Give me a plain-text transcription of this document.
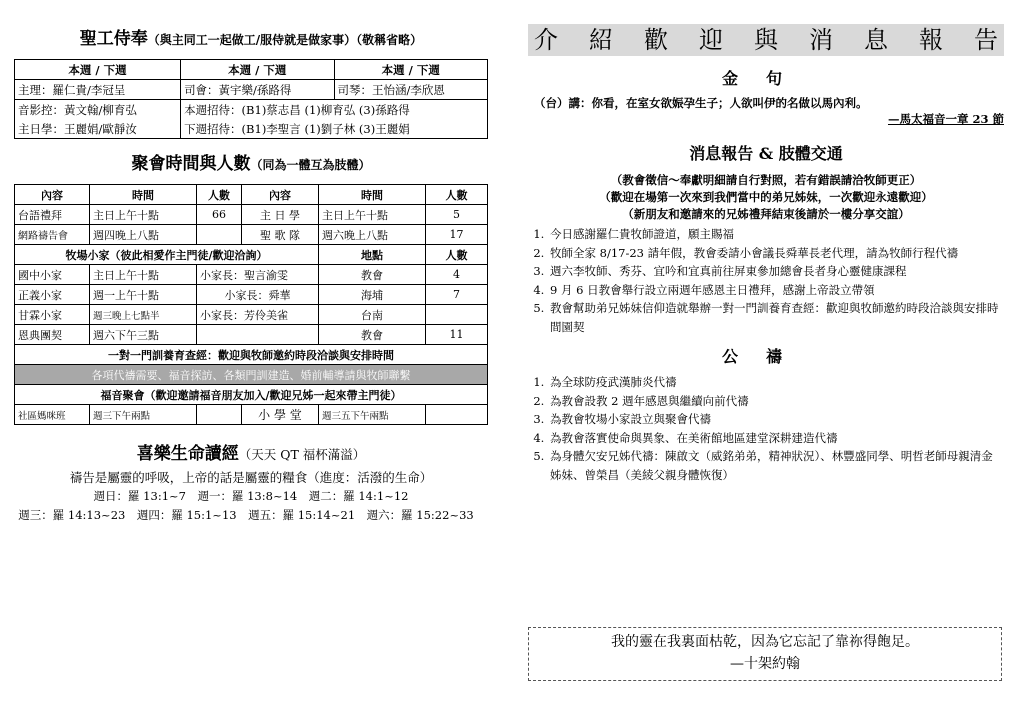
聖工侍奉（與主同工一起做工/服侍就是做家事）（敬稱省略）
本週 / 下週	本週 / 下週	本週 / 下週
主理：羅仁貴/李冠呈	司會：黃宇樂/孫路得	司琴：王怡涵/李欣恩
音影控：黃文翰/柳育弘	本週招待：(B1)蔡志昌 (1)柳育弘 (3)孫路得	
主日學：王麗娟/歐靜汝	下週招待：(B1)李聖言 (1)劉子林 (3)王麗娟	
聚會時間與人數（同為一體互為肢體）
內容	時間	人數	內容	時間	人數
台語禮拜	主日上午十點	66	主 日 學	主日上午十點	5
網路禱告會	週四晚上八點		聖 歌 隊	週六晚上八點	17
牧場小家（彼此相愛作主門徒/歡迎洽詢）				地點	人數
國中小家	主日上午十點	小家長：聖言渝雯		教會	4
正義小家	週一上午十點	小家長：舜華		海埔	7
甘霖小家	週三晚上七點半	小家長：芳伶美雀		台南	
恩典團契	週六下午三點			教會	11
一對一門訓養育查經：歡迎與牧師邀約時段洽談與安排時間					
各項代禱需要、福音探訪、各類門訓建造、婚前輔導請與牧師聯繫					
福音聚會（歡迎邀請福音朋友加入/歡迎兄姊一起來帶主門徒）					
社區媽咪班	週三下午兩點		小 學 堂	週三五下午兩點	
喜樂生命讀經（天天 QT 福杯滿溢）
禱告是屬靈的呼吸，上帝的話是屬靈的糧食（進度：活潑的生命）
週日：羅 13:1~7　週一：羅 13:8~14　週二：羅 14:1~12
週三：羅 14:13~23　週四：羅 15:1~13　週五：羅 15:14~21　週六：羅 15:22~33
介 紹 歡 迎 與 消 息 報 告
金句
（台）講：你看，在室女欲娠孕生子；人欲叫伊的名做以馬內利。
—馬太福音一章 23 節
消息報告 & 肢體交通
（教會徵信～奉獻明細請自行對照，若有錯誤請洽牧師更正）
（歡迎在場第一次來到我們當中的弟兄姊妹，一次歡迎永遠歡迎）
（新朋友和邀請來的兄姊禮拜結束後請於一樓分享交誼）
1. 今日感謝羅仁貴牧師證道，願主賜福
2. 牧師全家 8/17-23 請年假，教會委請小會議長舜華長老代理，請為牧師行程代禱
3. 週六李牧師、秀芬、宜吟和宜真前往屏東參加總會長者身心靈健康課程
4. 9 月 6 日教會舉行設立兩週年感恩主日禮拜，感謝上帝設立帶領
5. 教會幫助弟兄姊妹信仰造就舉辦一對一門訓養育查經：歡迎與牧師邀約時段洽談與安排時間園契
公禱
1. 為全球防疫武漢肺炎代禱
2. 為教會設教 2 週年感恩與繼續向前代禱
3. 為教會牧場小家設立與聚會代禱
4. 為教會落實使命與異象、在美術館地區建堂深耕建造代禱
5. 為身體欠安兄姊代禱：陳啟文（威銘弟弟，精神狀況）、林豐盛同學、明哲老師母親清金姊妹、曾榮昌（美綾父親身體恢復）
我的靈在我裏面枯乾，因為它忘記了靠祢得飽足。
—十架約翰
